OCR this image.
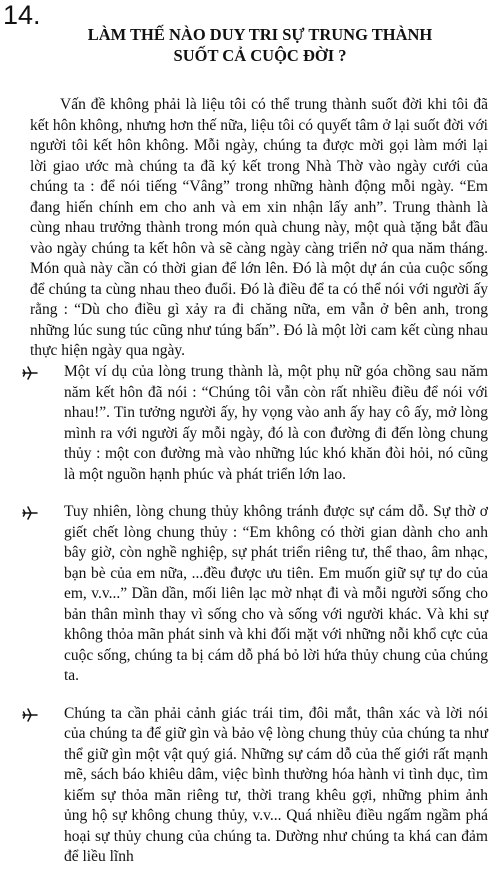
14.
LÀM THẾ NÀO DUY TRI SỰ TRUNG THÀNH
SUỐT CẢ CUỘC ĐỜI ?

Vấn đề không phải là liệu tôi có thể trung thành suốt đời khi tôi đã kết hôn không, nhưng hơn thế nữa, liệu tôi có quyết tâm ở lại suốt đời với người tôi kết hôn không. Mỗi ngày, chúng ta được mời gọi làm mới lại lời giao ước mà chúng ta đã ký kết trong Nhà Thờ vào ngày cưới của chúng ta : để nói tiếng “Vâng” trong những hành động mỗi ngày. “Em đang hiến chính em cho anh và em xin nhận lấy anh”. Trung thành là cùng nhau trưởng thành trong món quà chung này, một quà tặng bắt đầu vào ngày chúng ta kết hôn và sẽ càng ngày càng triển nở qua năm tháng. Món quà này cần có thời gian để lớn lên. Đó là một dự án của cuộc sống để chúng ta cùng nhau theo đuổi. Đó là điều để ta có thể nói với người ấy rằng : “Dù cho điều gì xảy ra đi chăng nữa, em vẫn ở bên anh, trong những lúc sung túc cũng như túng bấn”. Đó là một lời cam kết cùng nhau thực hiện ngày qua ngày.

Một ví dụ của lòng trung thành là, một phụ nữ góa chồng sau năm năm kết hôn đã nói : “Chúng tôi vẫn còn rất nhiều điều để nói với nhau!”. Tin tưởng người ấy, hy vọng vào anh ấy hay cô ấy, mở lòng mình ra với người ấy mỗi ngày, đó là con đường đi đến lòng chung thủy : một con đường mà vào những lúc khó khăn đòi hỏi, nó cũng là một nguồn hạnh phúc và phát triển lớn lao.
Tuy nhiên, lòng chung thủy không tránh được sự cám dỗ. Sự thờ ơ giết chết lòng chung thủy : “Em không có thời gian dành cho anh bây giờ, còn nghề nghiệp, sự phát triển riêng tư, thể thao, âm nhạc, bạn bè của em nữa, ...đều được ưu tiên. Em muốn giữ sự tự do của em, v.v...” Dần dần, mối liên lạc mờ nhạt đi và mỗi người sống cho bản thân mình thay vì sống cho và sống với người khác. Và khi sự không thỏa mãn phát sinh và khi đối mặt với những nỗi khổ cực của cuộc sống, chúng ta bị cám dỗ phá bỏ lời hứa thủy chung của chúng ta.
Chúng ta cần phải cảnh giác trái tim, đôi mắt, thân xác và lời nói của chúng ta để giữ gìn và bảo vệ lòng chung thủy của chúng ta như thể giữ gìn một vật quý giá. Những sự cám dỗ của thế giới rất mạnh mẽ, sách báo khiêu dâm, việc bình thường hóa hành vi tình dục, tìm kiếm sự thỏa mãn riêng tư, thời trang khêu gợi, những phim ảnh ủng hộ sự không chung thủy, v.v... Quá nhiều điều ngấm ngầm phá hoại sự thủy chung của chúng ta. Dường như chúng ta khá can đảm để liều lĩnh
